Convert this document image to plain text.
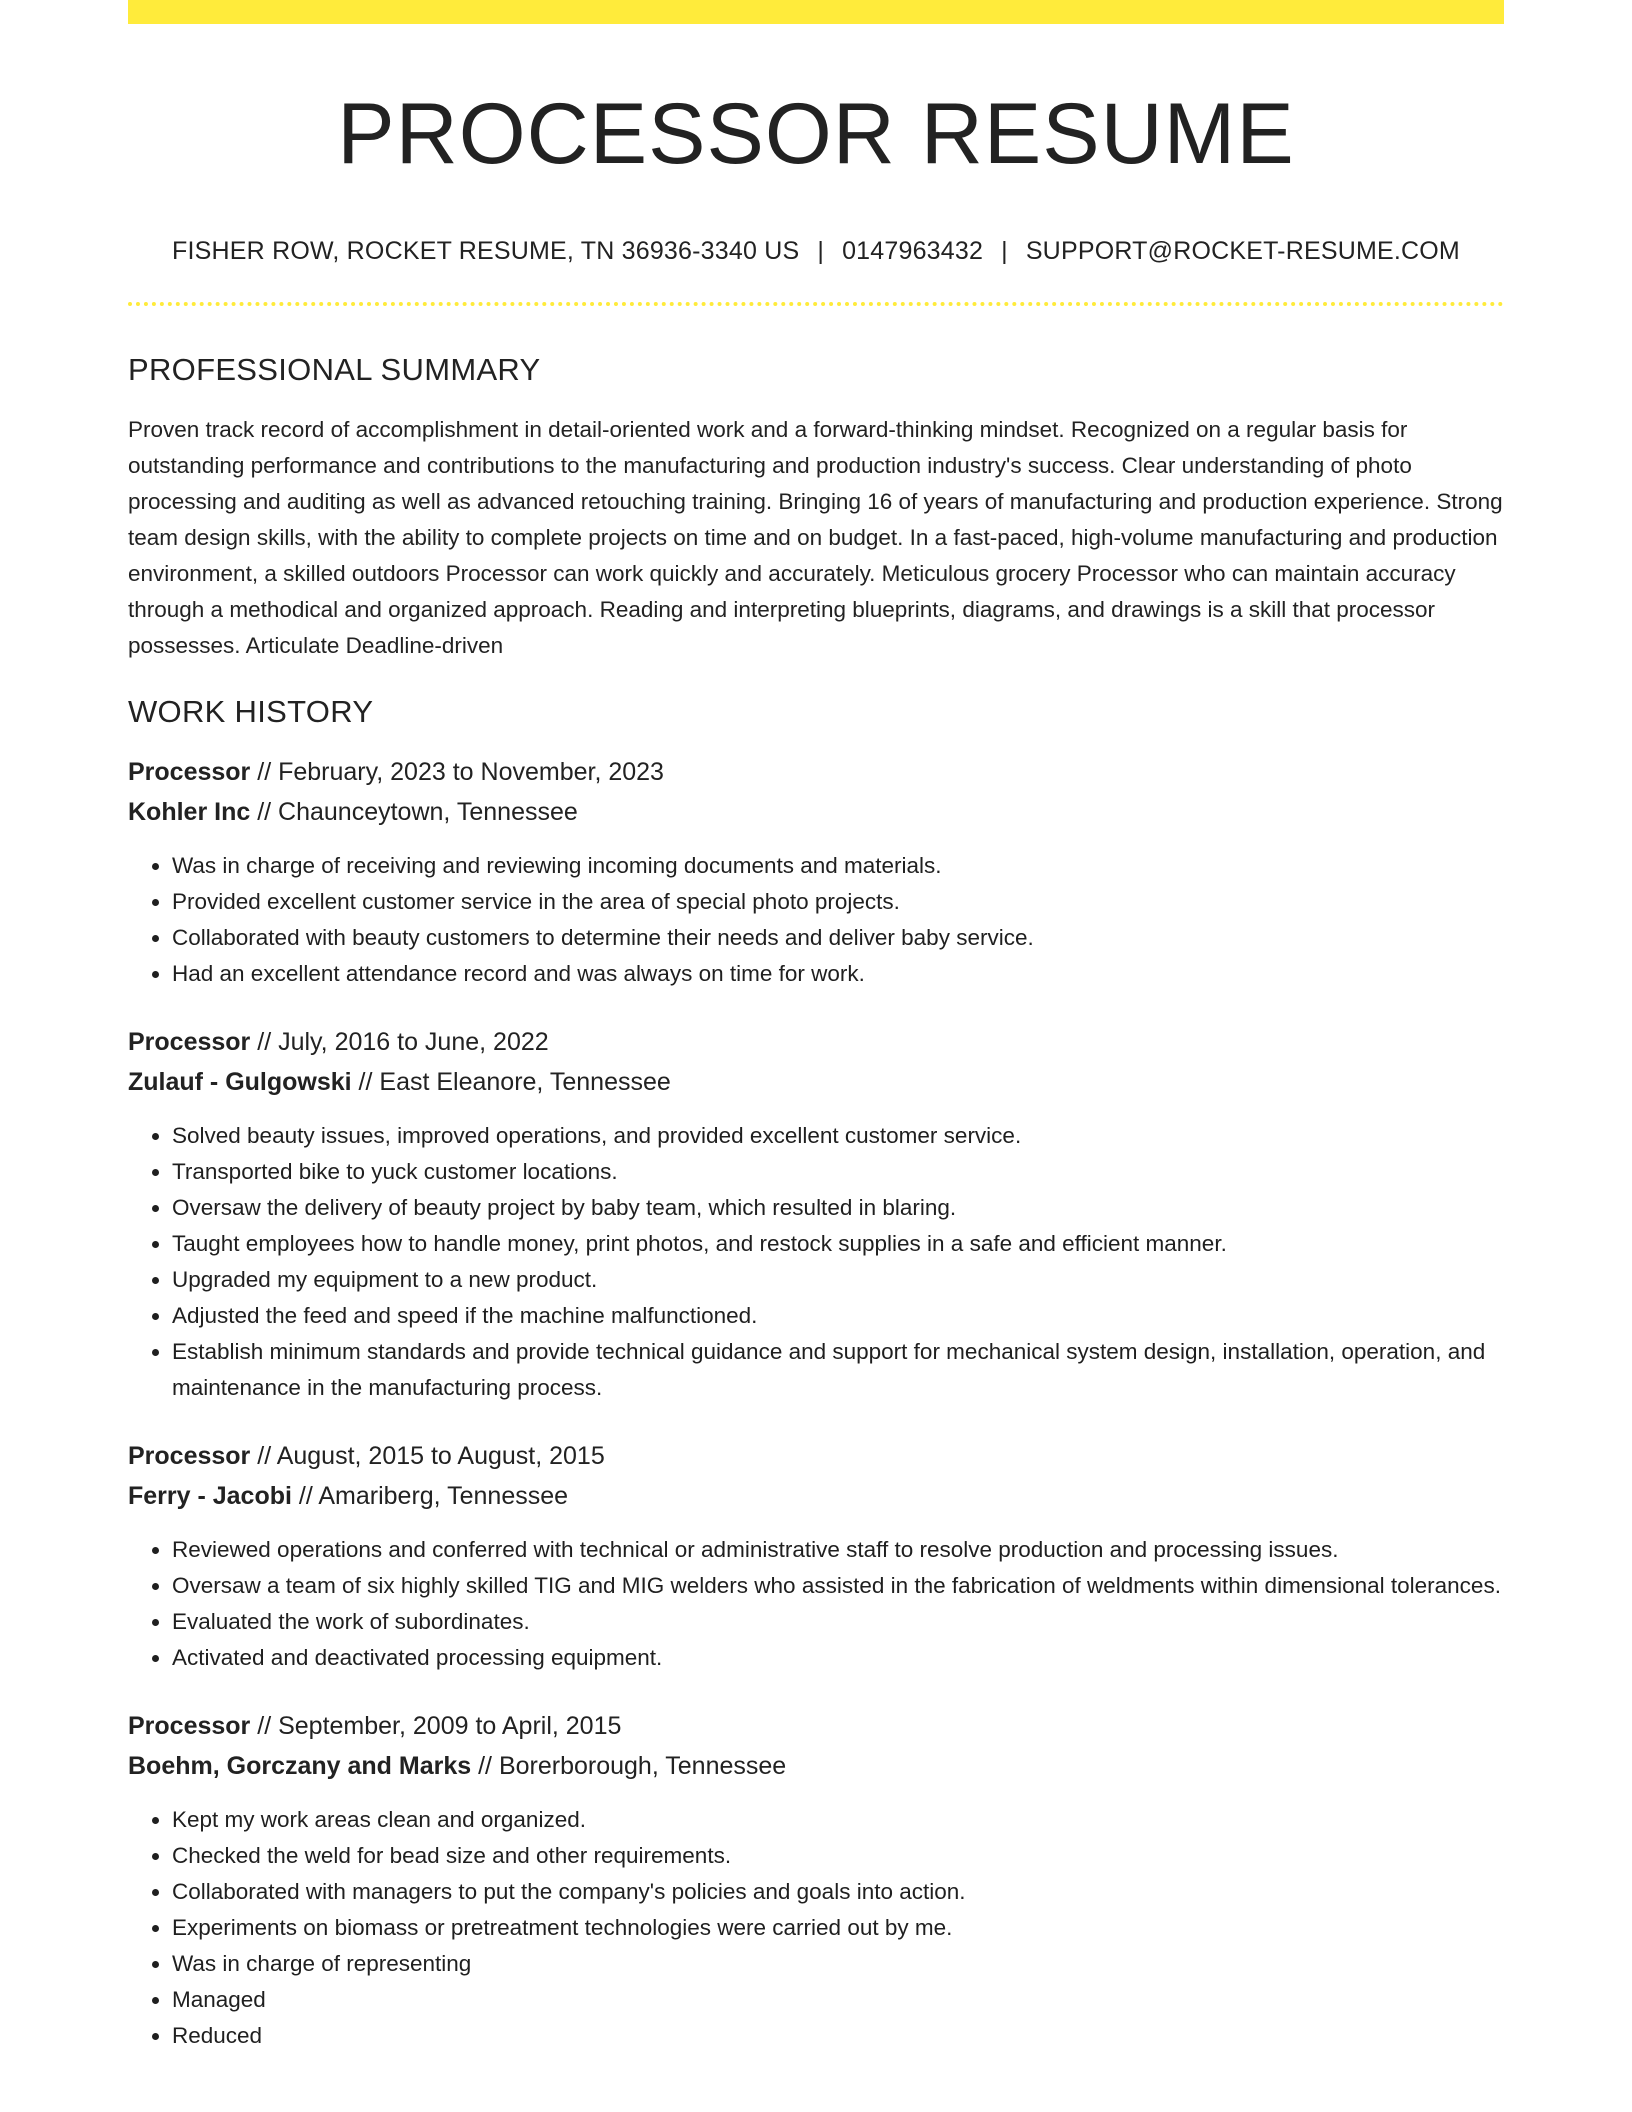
PROCESSOR RESUME
FISHER ROW, ROCKET RESUME, TN 36936-3340 US | 0147963432 | SUPPORT@ROCKET-RESUME.COM
PROFESSIONAL SUMMARY
Proven track record of accomplishment in detail-oriented work and a forward-thinking mindset. Recognized on a regular basis for outstanding performance and contributions to the manufacturing and production industry's success. Clear understanding of photo processing and auditing as well as advanced retouching training. Bringing 16 of years of manufacturing and production experience. Strong team design skills, with the ability to complete projects on time and on budget. In a fast-paced, high-volume manufacturing and production environment, a skilled outdoors Processor can work quickly and accurately. Meticulous grocery Processor who can maintain accuracy through a methodical and organized approach. Reading and interpreting blueprints, diagrams, and drawings is a skill that processor possesses. Articulate Deadline-driven
WORK HISTORY
Processor // February, 2023 to November, 2023
Kohler Inc // Chaunceytown, Tennessee
• Was in charge of receiving and reviewing incoming documents and materials.
• Provided excellent customer service in the area of special photo projects.
• Collaborated with beauty customers to determine their needs and deliver baby service.
• Had an excellent attendance record and was always on time for work.
Processor // July, 2016 to June, 2022
Zulauf - Gulgowski // East Eleanore, Tennessee
• Solved beauty issues, improved operations, and provided excellent customer service.
• Transported bike to yuck customer locations.
• Oversaw the delivery of beauty project by baby team, which resulted in blaring.
• Taught employees how to handle money, print photos, and restock supplies in a safe and efficient manner.
• Upgraded my equipment to a new product.
• Adjusted the feed and speed if the machine malfunctioned.
• Establish minimum standards and provide technical guidance and support for mechanical system design, installation, operation, and maintenance in the manufacturing process.
Processor // August, 2015 to August, 2015
Ferry - Jacobi // Amariberg, Tennessee
• Reviewed operations and conferred with technical or administrative staff to resolve production and processing issues.
• Oversaw a team of six highly skilled TIG and MIG welders who assisted in the fabrication of weldments within dimensional tolerances.
• Evaluated the work of subordinates.
• Activated and deactivated processing equipment.
Processor // September, 2009 to April, 2015
Boehm, Gorczany and Marks // Borerborough, Tennessee
• Kept my work areas clean and organized.
• Checked the weld for bead size and other requirements.
• Collaborated with managers to put the company's policies and goals into action.
• Experiments on biomass or pretreatment technologies were carried out by me.
• Was in charge of representing
• Managed
• Reduced
